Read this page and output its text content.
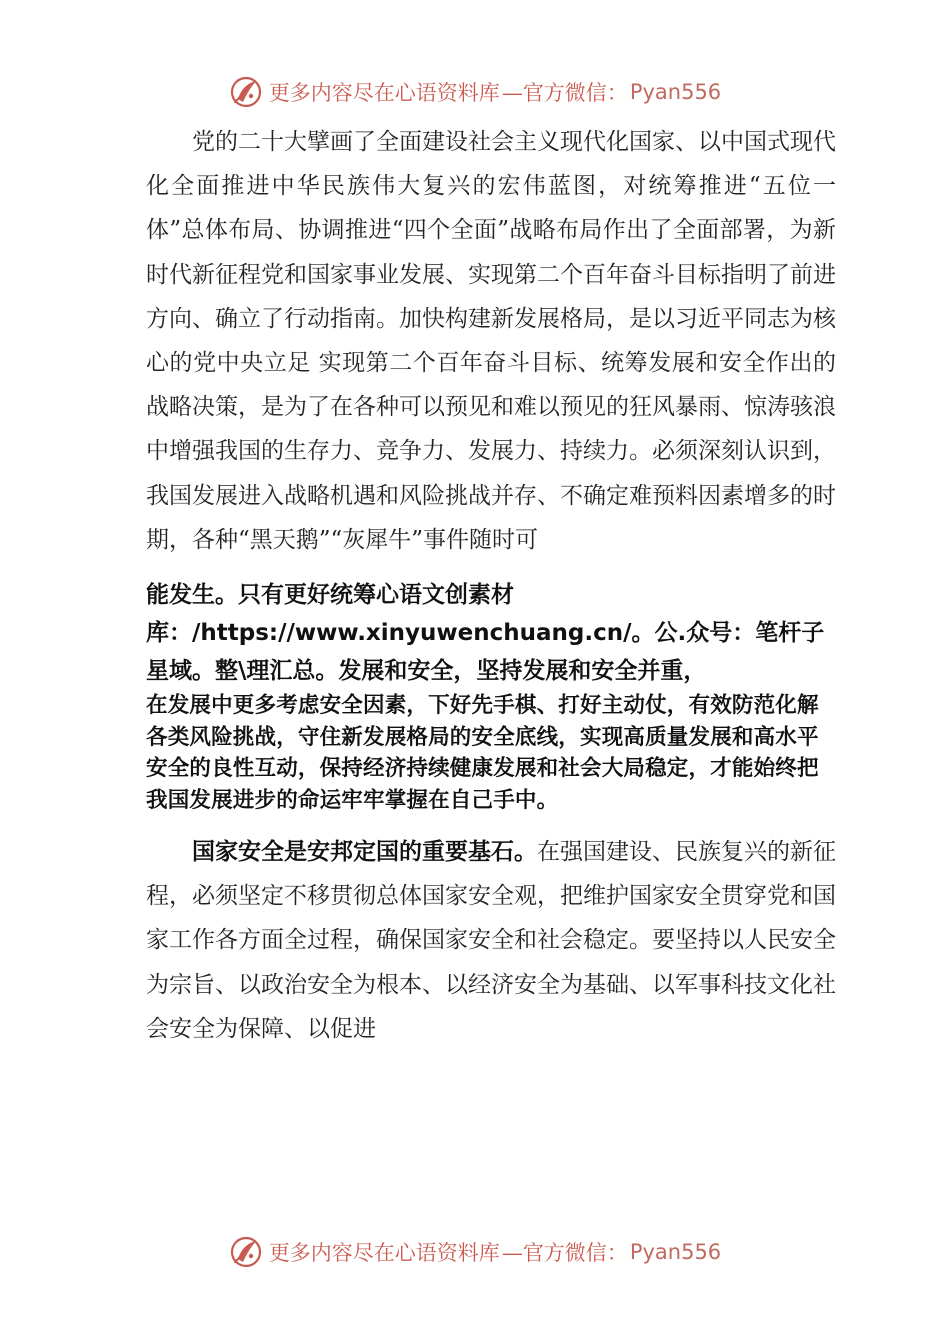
更多内容尽在心语资料库 —官方微信： Pyan556

党的二十大擘画了全面建设社会主义现代化国家、以中国式现代化全面推进中华民族伟大复兴的宏伟蓝图，对统筹推进“五位一体”总体布局、协调推进“四个全面”战略布局作出了全面部署，为新时代新征程党和国家事业发展、实现第二个百年奋斗目标指明了前进方向、确立了行动指南。加快构建新发展格局，是以习近平同志为核心的党中央立足 实现第二个百年奋斗目标、统筹发展和安全作出的战略决策，是为了在各种可以预见和难以预见的狂风暴雨、惊涛骇浪中增强我国的生存力、竞争力、发展力、持续力。必须深刻认识到，我国发展进入战略机遇和风险挑战并存、不确定难预料因素增多的时期，各种“黑天鹅”“灰犀牛”事件随时可

能发生。只有更好统筹心语文创素材库：/https://www.xinyuwenchuang.cn/。公.众号：笔杆子星域。整\理汇总。发展和安全，坚持发展和安全并重，
在发展中更多考虑安全因素，下好先手棋、打好主动仗，有效防范化解各类风险挑战，守住新发展格局的安全底线，实现高质量发展和高水平安全的良性互动，保持经济持续健康发展和社会大局稳定，才能始终把我国发展进步的命运牢牢掌握在自己手中。

国家安全是安邦定国的重要基石。在强国建设、民族复兴的新征程，必须坚定不移贯彻总体国家安全观，把维护国家安全贯穿党和国家工作各方面全过程，确保国家安全和社会稳定。要坚持以人民安全为宗旨、以政治安全为根本、以经济安全为基础、以军事科技文化社会安全为保障、以促进

更多内容尽在心语资料库 —官方微信： Pyan556
